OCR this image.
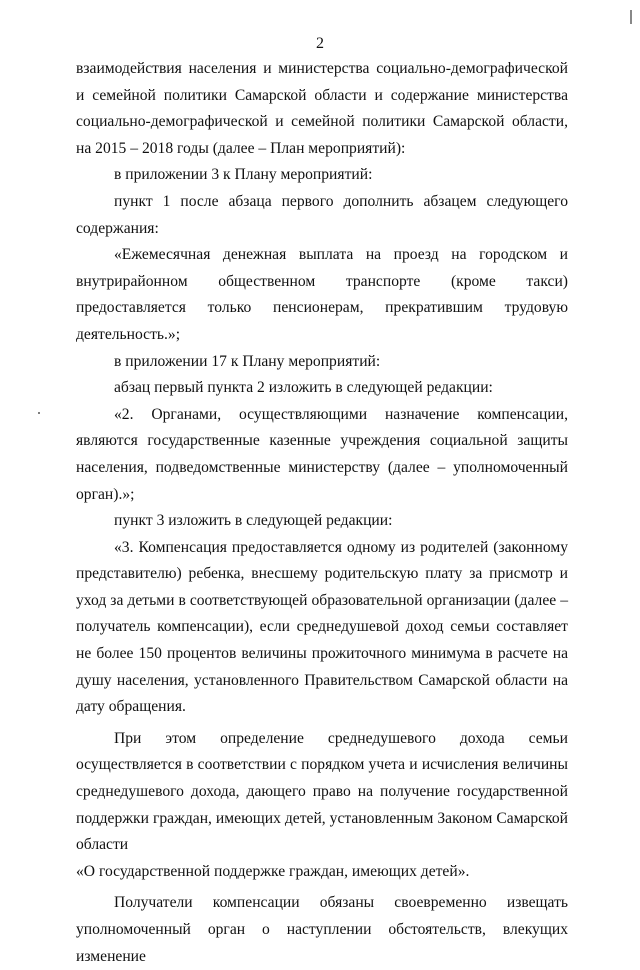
2
взаимодействия населения и министерства социально-демографической
и семейной политики Самарской области и содержание министерства
социально-демографической и семейной политики Самарской области,
на 2015 – 2018 годы (далее – План мероприятий):

в приложении 3 к Плану мероприятий:

пункт 1 после абзаца первого дополнить абзацем следующего содержания:

«Ежемесячная денежная выплата на проезд на городском и внутрирайонном общественном транспорте (кроме такси) предоставляется только пенсионерам, прекратившим трудовую деятельность.»;

в приложении 17 к Плану мероприятий:

абзац первый пункта 2 изложить в следующей редакции:

«2. Органами, осуществляющими назначение компенсации, являются государственные казенные учреждения социальной защиты населения, подведомственные министерству (далее – уполномоченный орган).»;

пункт 3 изложить в следующей редакции:

«3. Компенсация предоставляется одному из родителей (законному представителю) ребенка, внесшему родительскую плату за присмотр и уход за детьми в соответствующей образовательной организации (далее – получатель компенсации), если среднедушевой доход семьи составляет не более 150 процентов величины прожиточного минимума в расчете на душу населения, установленного Правительством Самарской области на дату обращения.

При этом определение среднедушевого дохода семьи осуществляется в соответствии с порядком учета и исчисления величины среднедушевого дохода, дающего право на получение государственной поддержки граждан, имеющих детей, установленным Законом Самарской области
«О государственной поддержке граждан, имеющих детей».

Получатели компенсации обязаны своевременно извещать уполномоченный орган о наступлении обстоятельств, влекущих изменение
